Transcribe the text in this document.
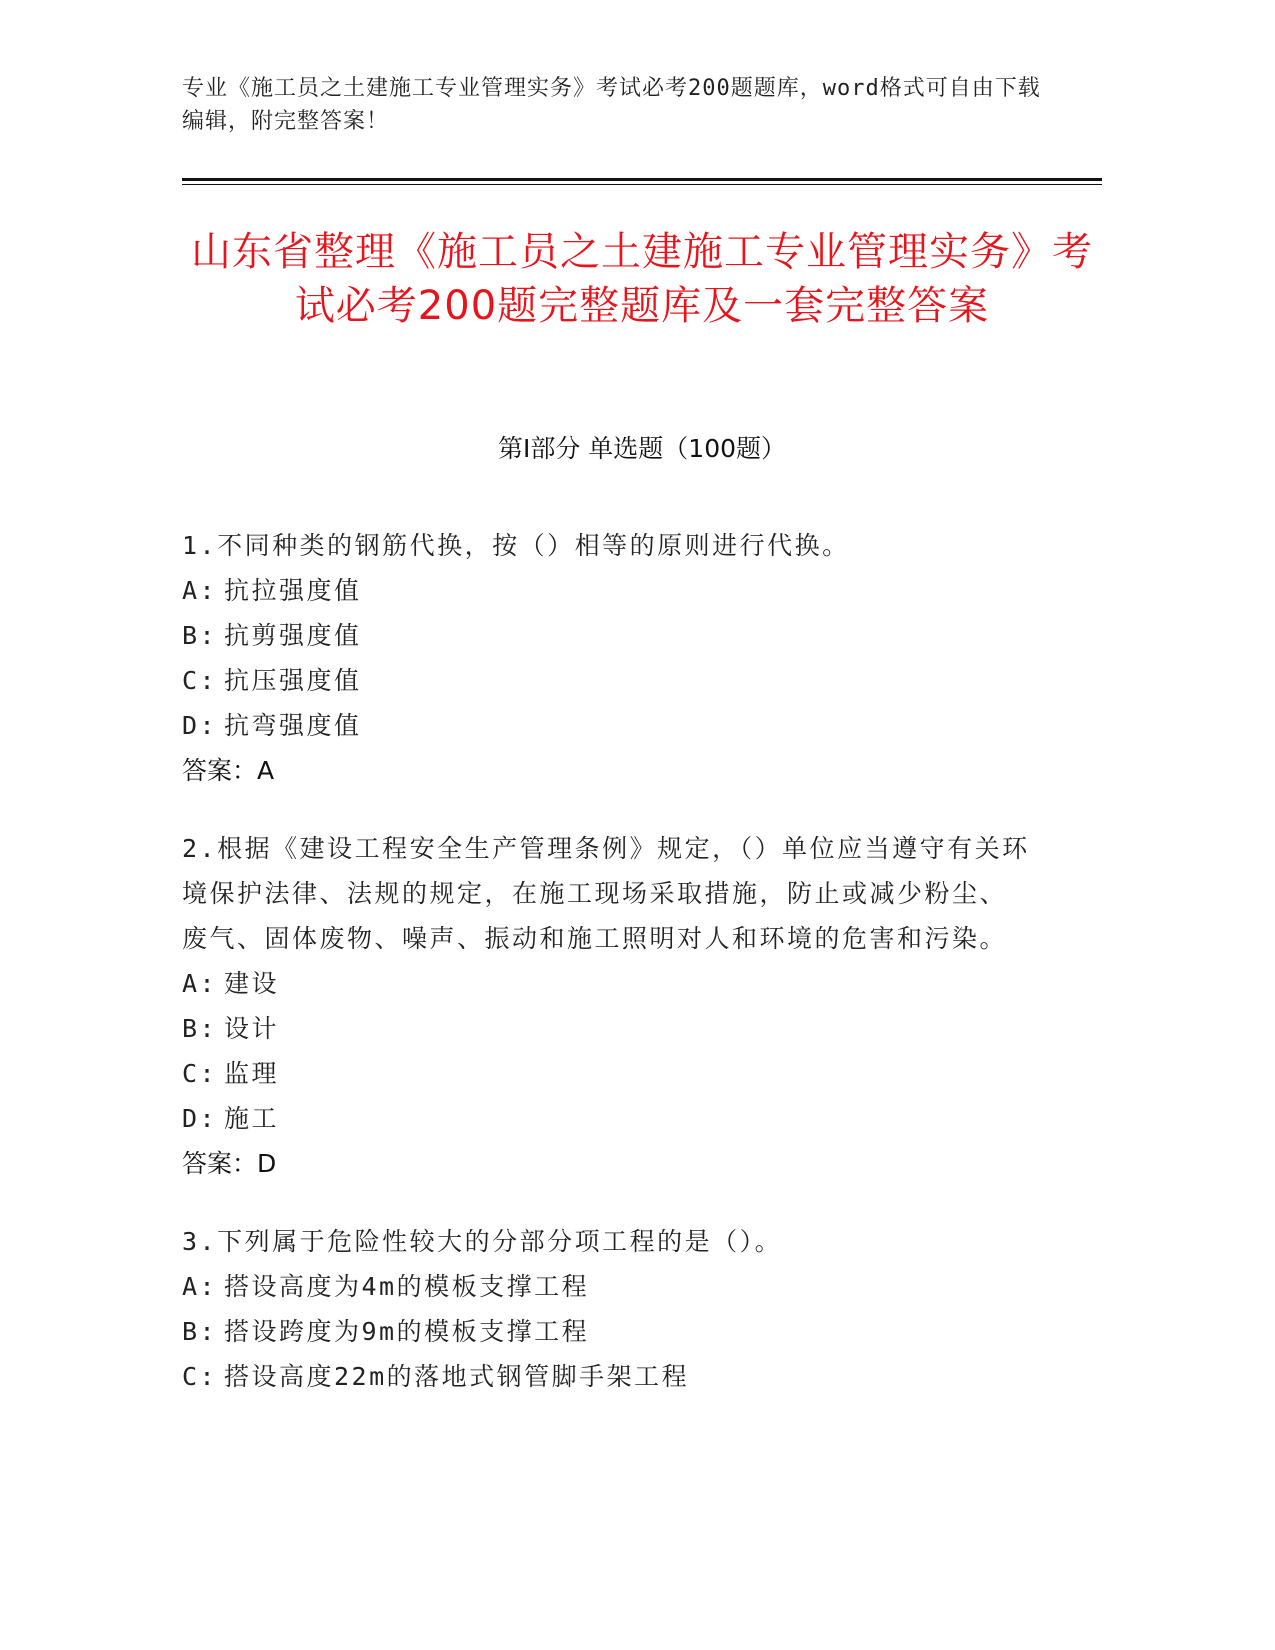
专业《施工员之土建施工专业管理实务》考试必考200题题库，word格式可自由下载编辑，附完整答案！
山东省整理《施工员之土建施工专业管理实务》考试必考200题完整题库及一套完整答案
第Ⅰ部分 单选题（100题）
1.不同种类的钢筋代换，按（）相等的原则进行代换。
A: 抗拉强度值
B: 抗剪强度值
C: 抗压强度值
D: 抗弯强度值
答案：A
2.根据《建设工程安全生产管理条例》规定，（）单位应当遵守有关环境保护法律、法规的规定，在施工现场采取措施，防止或减少粉尘、废气、固体废物、噪声、振动和施工照明对人和环境的危害和污染。
A: 建设
B: 设计
C: 监理
D: 施工
答案：D
3.下列属于危险性较大的分部分项工程的是（）。
A: 搭设高度为4m的模板支撑工程
B: 搭设跨度为9m的模板支撑工程
C: 搭设高度22m的落地式钢管脚手架工程
